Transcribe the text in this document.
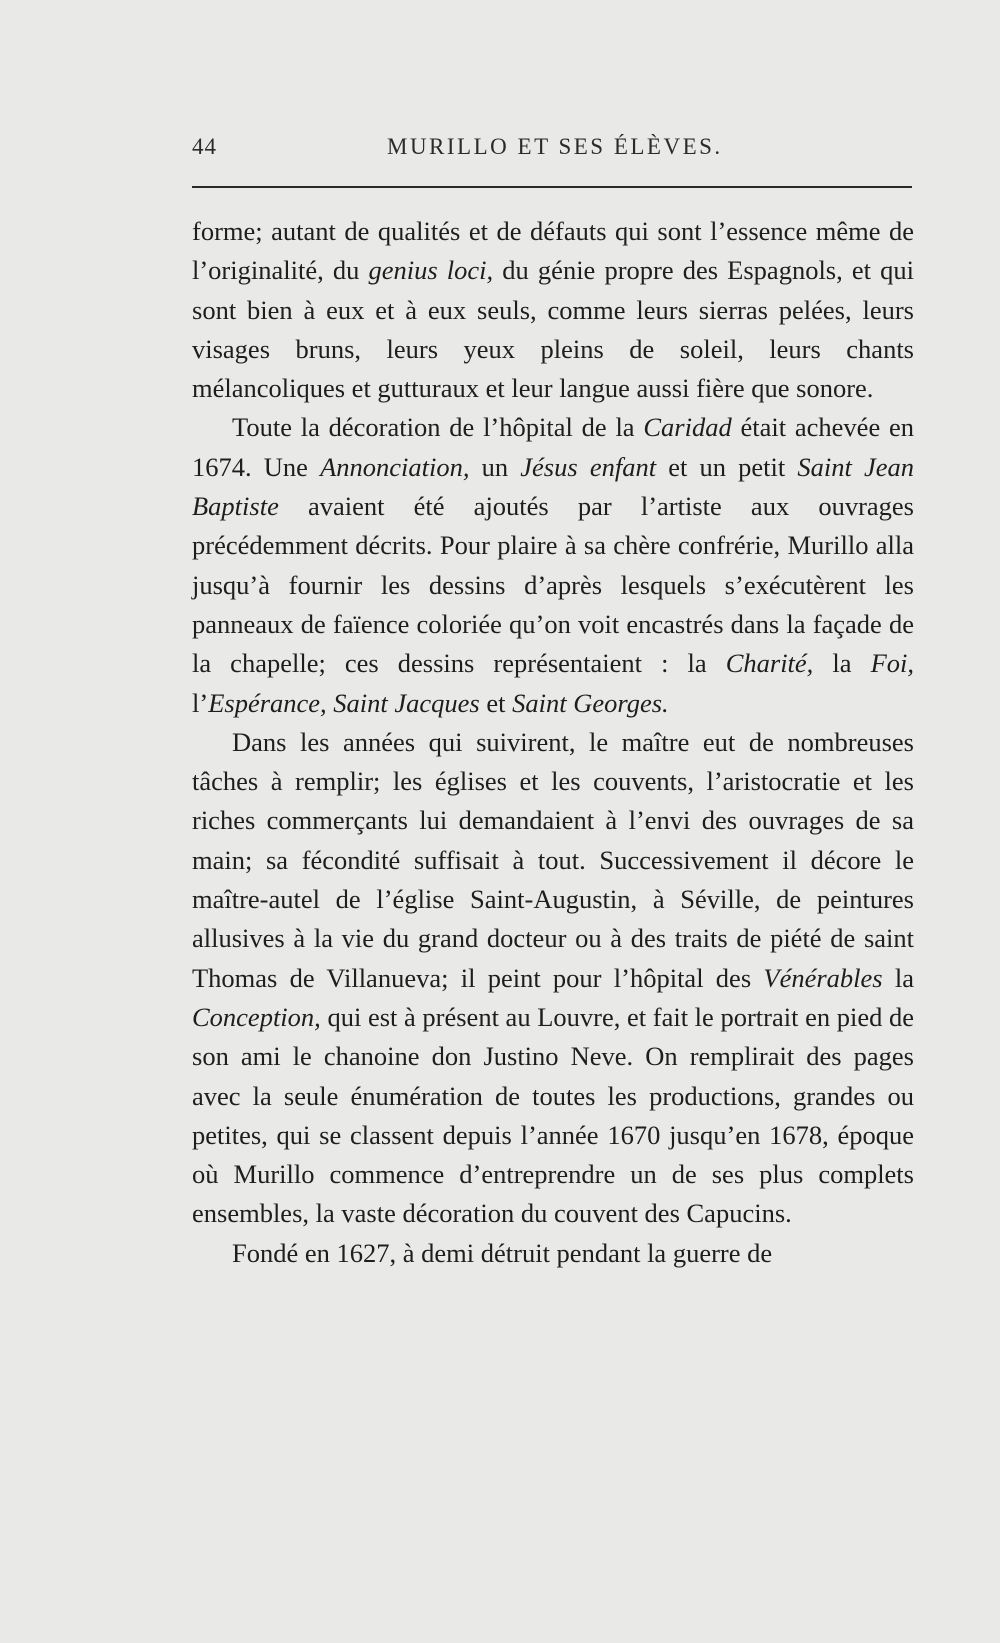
44	MURILLO ET SES ÉLÈVES.

forme; autant de qualités et de défauts qui sont l’essence même de l’originalité, du genius loci, du génie propre des Espagnols, et qui sont bien à eux et à eux seuls, comme leurs sierras pelées, leurs visages bruns, leurs yeux pleins de soleil, leurs chants mélancoliques et gutturaux et leur langue aussi fière que sonore.

Toute la décoration de l’hôpital de la Caridad était achevée en 1674. Une Annonciation, un Jésus enfant et un petit Saint Jean Baptiste avaient été ajoutés par l’artiste aux ouvrages précédemment décrits. Pour plaire à sa chère confrérie, Murillo alla jusqu’à fournir les dessins d’après lesquels s’exécutèrent les panneaux de faïence coloriée qu’on voit encastrés dans la façade de la chapelle; ces dessins représentaient : la Charité, la Foi, l’Espérance, Saint Jacques et Saint Georges.

Dans les années qui suivirent, le maître eut de nombreuses tâches à remplir; les églises et les couvents, l’aristocratie et les riches commerçants lui demandaient à l’envi des ouvrages de sa main; sa fécondité suffisait à tout. Successivement il décore le maître-autel de l’église Saint-Augustin, à Séville, de peintures allusives à la vie du grand docteur ou à des traits de piété de saint Thomas de Villanueva; il peint pour l’hôpital des Vénérables la Conception, qui est à présent au Louvre, et fait le portrait en pied de son ami le chanoine don Justino Neve. On remplirait des pages avec la seule énumération de toutes les productions, grandes ou petites, qui se classent depuis l’année 1670 jusqu’en 1678, époque où Murillo commence d’entreprendre un de ses plus complets ensembles, la vaste décoration du couvent des Capucins.

Fondé en 1627, à demi détruit pendant la guerre de
